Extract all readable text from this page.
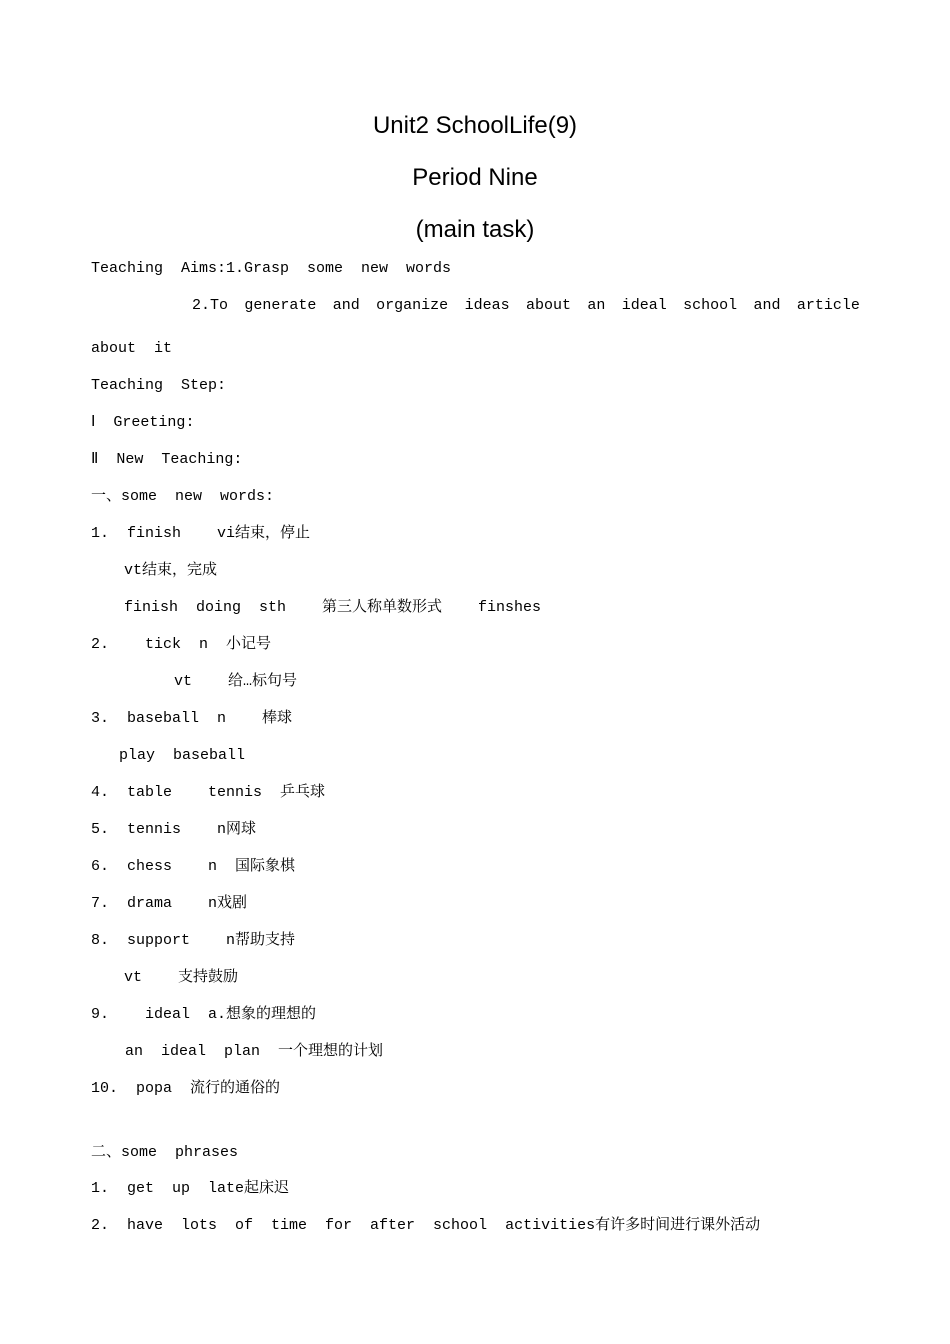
Unit2 SchoolLife(9)
Period Nine
(main task)
Teaching  Aims:1.Grasp  some  new  words
2.To generate and organize ideas about an ideal school and article
about  it
Teaching  Step:
Ⅰ  Greeting:
Ⅱ  New  Teaching:
一、some  new  words:
1.  finish    vi结束，停止
vt结束，完成
finish  doing  sth    第三人称单数形式    finshes
2.    tick  n  小记号
vt    给…标句号
3.  baseball  n    棒球
play  baseball
4.  table    tennis  乒乓球
5.  tennis    n网球
6.  chess    n  国际象棋
7.  drama    n戏剧
8.  support    n帮助支持
vt    支持鼓励
9.    ideal  a.想象的理想的
an  ideal  plan  一个理想的计划
10.  popa  流行的通俗的
二、some  phrases
1.  get  up  late起床迟
2.  have  lots  of  time  for  after  school  activities有许多时间进行课外活动
